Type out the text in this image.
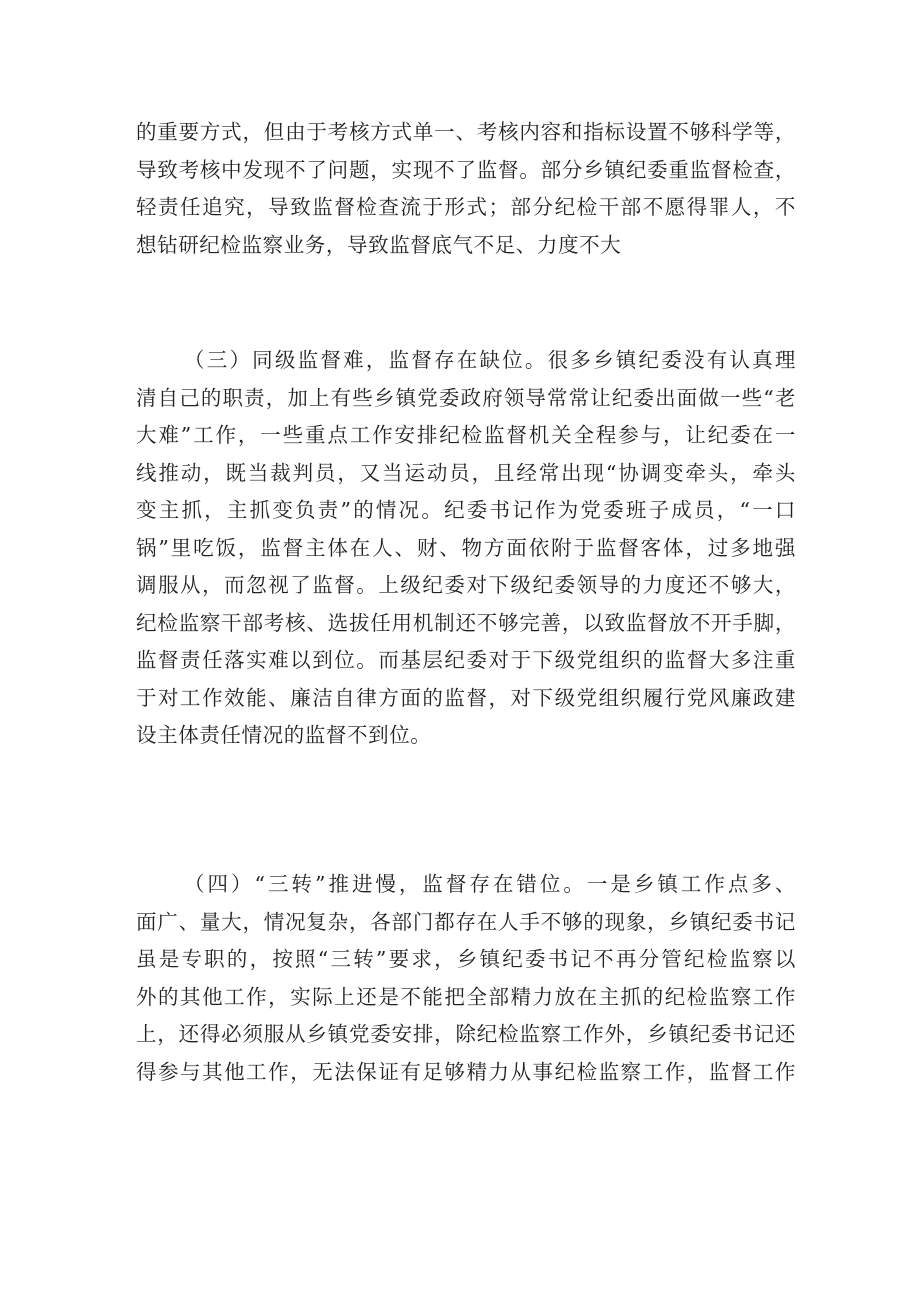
的重要方式，但由于考核方式单一、考核内容和指标设置不够科学等，
导致考核中发现不了问题，实现不了监督。部分乡镇纪委重监督检查，
轻责任追究，导致监督检查流于形式；部分纪检干部不愿得罪人，不
想钻研纪检监察业务，导致监督底气不足、力度不大
（三）同级监督难，监督存在缺位。很多乡镇纪委没有认真理
清自己的职责，加上有些乡镇党委政府领导常常让纪委出面做一些“老
大难”工作，一些重点工作安排纪检监督机关全程参与，让纪委在一
线推动，既当裁判员，又当运动员，且经常出现“协调变牵头，牵头
变主抓，主抓变负责”的情况。纪委书记作为党委班子成员，“一口
锅”里吃饭，监督主体在人、财、物方面依附于监督客体，过多地强
调服从，而忽视了监督。上级纪委对下级纪委领导的力度还不够大，
纪检监察干部考核、选拔任用机制还不够完善，以致监督放不开手脚，
监督责任落实难以到位。而基层纪委对于下级党组织的监督大多注重
于对工作效能、廉洁自律方面的监督，对下级党组织履行党风廉政建
设主体责任情况的监督不到位。
（四）“三转”推进慢，监督存在错位。一是乡镇工作点多、
面广、量大，情况复杂，各部门都存在人手不够的现象，乡镇纪委书记
虽是专职的，按照“三转”要求，乡镇纪委书记不再分管纪检监察以
外的其他工作，实际上还是不能把全部精力放在主抓的纪检监察工作
上，还得必须服从乡镇党委安排，除纪检监察工作外，乡镇纪委书记还
得参与其他工作，无法保证有足够精力从事纪检监察工作，监督工作
